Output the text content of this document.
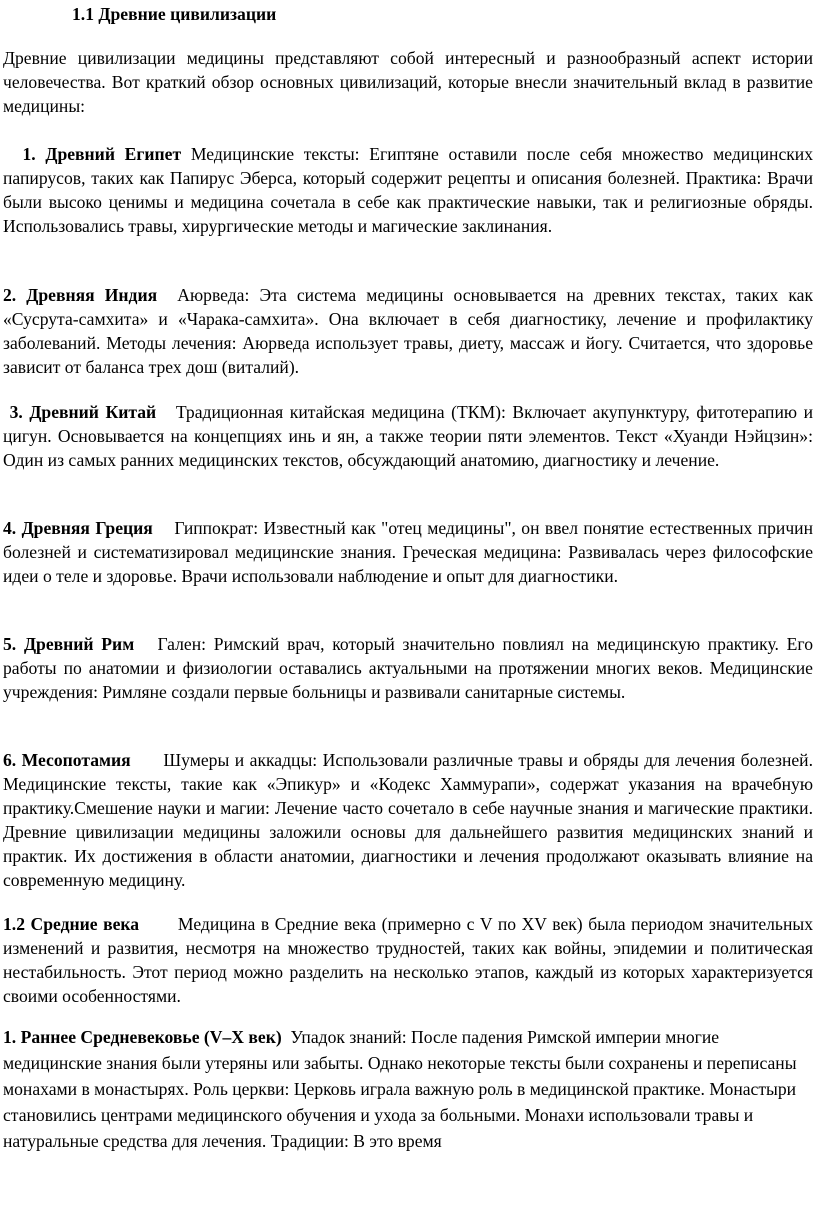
1.1 Древние цивилизации

Древние цивилизации медицины представляют собой интересный и разнообразный аспект истории человечества. Вот краткий обзор основных цивилизаций, которые внесли значительный вклад в развитие медицины:

1. Древний Египет Медицинские тексты: Египтяне оставили после себя множество медицинских папирусов, таких как Папирус Эберса, который содержит рецепты и описания болезней. Практика: Врачи были высоко ценимы и медицина сочетала в себе как практические навыки, так и религиозные обряды. Использовались травы, хирургические методы и магические заклинания.

2. Древняя Индия Аюрведа: Эта система медицины основывается на древних текстах, таких как «Сусрута-самхита» и «Чарака-самхита». Она включает в себя диагностику, лечение и профилактику заболеваний. Методы лечения: Аюрведа использует травы, диету, массаж и йогу. Считается, что здоровье зависит от баланса трех дош (виталий).

3. Древний Китай Традиционная китайская медицина (ТКМ): Включает акупунктуру, фитотерапию и цигун. Основывается на концепциях инь и ян, а также теории пяти элементов. Текст «Хуанди Нэйцзин»: Один из самых ранних медицинских текстов, обсуждающий анатомию, диагностику и лечение.

4. Древняя Греция Гиппократ: Известный как "отец медицины", он ввел понятие естественных причин болезней и систематизировал медицинские знания. Греческая медицина: Развивалась через философские идеи о теле и здоровье. Врачи использовали наблюдение и опыт для диагностики.

5. Древний Рим Гален: Римский врач, который значительно повлиял на медицинскую практику. Его работы по анатомии и физиологии оставались актуальными на протяжении многих веков. Медицинские учреждения: Римляне создали первые больницы и развивали санитарные системы.

6. Месопотамия Шумеры и аккадцы: Использовали различные травы и обряды для лечения болезней. Медицинские тексты, такие как «Эпикур» и «Кодекс Хаммурапи», содержат указания на врачебную практику.Смешение науки и магии: Лечение часто сочетало в себе научные знания и магические практики. Древние цивилизации медицины заложили основы для дальнейшего развития медицинских знаний и практик. Их достижения в области анатомии, диагностики и лечения продолжают оказывать влияние на современную медицину.

1.2 Средние века Медицина в Средние века (примерно с V по XV век) была периодом значительных изменений и развития, несмотря на множество трудностей, таких как войны, эпидемии и политическая нестабильность. Этот период можно разделить на несколько этапов, каждый из которых характеризуется своими особенностями.

1. Раннее Средневековье (V–X век) Упадок знаний: После падения Римской империи многие медицинские знания были утеряны или забыты. Однако некоторые тексты были сохранены и переписаны монахами в монастырях. Роль церкви: Церковь играла важную роль в медицинской практике. Монастыри становились центрами медицинского обучения и ухода за больными. Монахи использовали травы и натуральные средства для лечения. Традиции: В это время
